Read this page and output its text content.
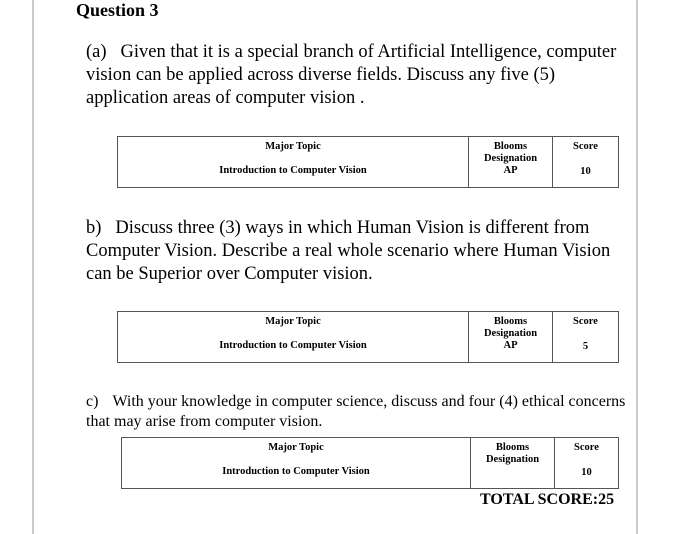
Question 3
(a) Given that it is a special branch of Artificial Intelligence, computer vision can be applied across diverse fields. Discuss any five (5) application areas of computer vision .
Major Topic
Introduction to Computer Vision

Blooms
Designation
AP

Score
10
b) Discuss three (3) ways in which Human Vision is different from Computer Vision. Describe a real whole scenario where Human Vision can be Superior over Computer vision.
Major Topic
Introduction to Computer Vision

Blooms
Designation
AP

Score
5
c) With your knowledge in computer science, discuss and four (4) ethical concerns that may arise from computer vision.
Major Topic
Introduction to Computer Vision

Blooms
Designation

Score
10
TOTAL SCORE:25
